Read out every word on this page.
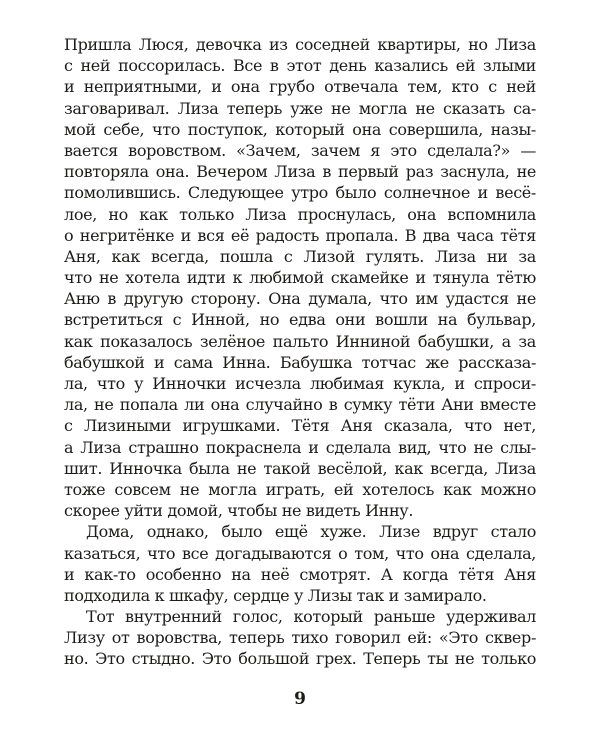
Пришла Люся, девочка из соседней квартиры, но Лиза
с ней поссорилась. Все в этот день казались ей злыми
и неприятными, и она грубо отвечала тем, кто с ней
заговаривал. Лиза теперь уже не могла не сказать са-
мой себе, что поступок, который она совершила, назы-
вается воровством. «Зачем, зачем я это сделала?» —
повторяла она. Вечером Лиза в первый раз заснула, не
помолившись. Следующее утро было солнечное и весё-
лое, но как только Лиза проснулась, она вспомнила
о негритёнке и вся её радость пропала. В два часа тётя
Аня, как всегда, пошла с Лизой гулять. Лиза ни за
что не хотела идти к любимой скамейке и тянула тётю
Аню в другую сторону. Она думала, что им удастся не
встретиться с Инной, но едва они вошли на бульвар,
как показалось зелёное пальто Инниной бабушки, а за
бабушкой и сама Инна. Бабушка тотчас же рассказа-
ла, что у Инночки исчезла любимая кукла, и спроси-
ла, не попала ли она случайно в сумку тёти Ани вместе
с Лизиными игрушками. Тётя Аня сказала, что нет,
а Лиза страшно покраснела и сделала вид, что не слы-
шит. Инночка была не такой весёлой, как всегда, Лиза
тоже совсем не могла играть, ей хотелось как можно
скорее уйти домой, чтобы не видеть Инну.
Дома, однако, было ещё хуже. Лизе вдруг стало
казаться, что все догадываются о том, что она сделала,
и как-то особенно на неё смотрят. А когда тётя Аня
подходила к шкафу, сердце у Лизы так и замирало.
Тот внутренний голос, который раньше удерживал
Лизу от воровства, теперь тихо говорил ей: «Это сквер-
но. Это стыдно. Это большой грех. Теперь ты не только
9
